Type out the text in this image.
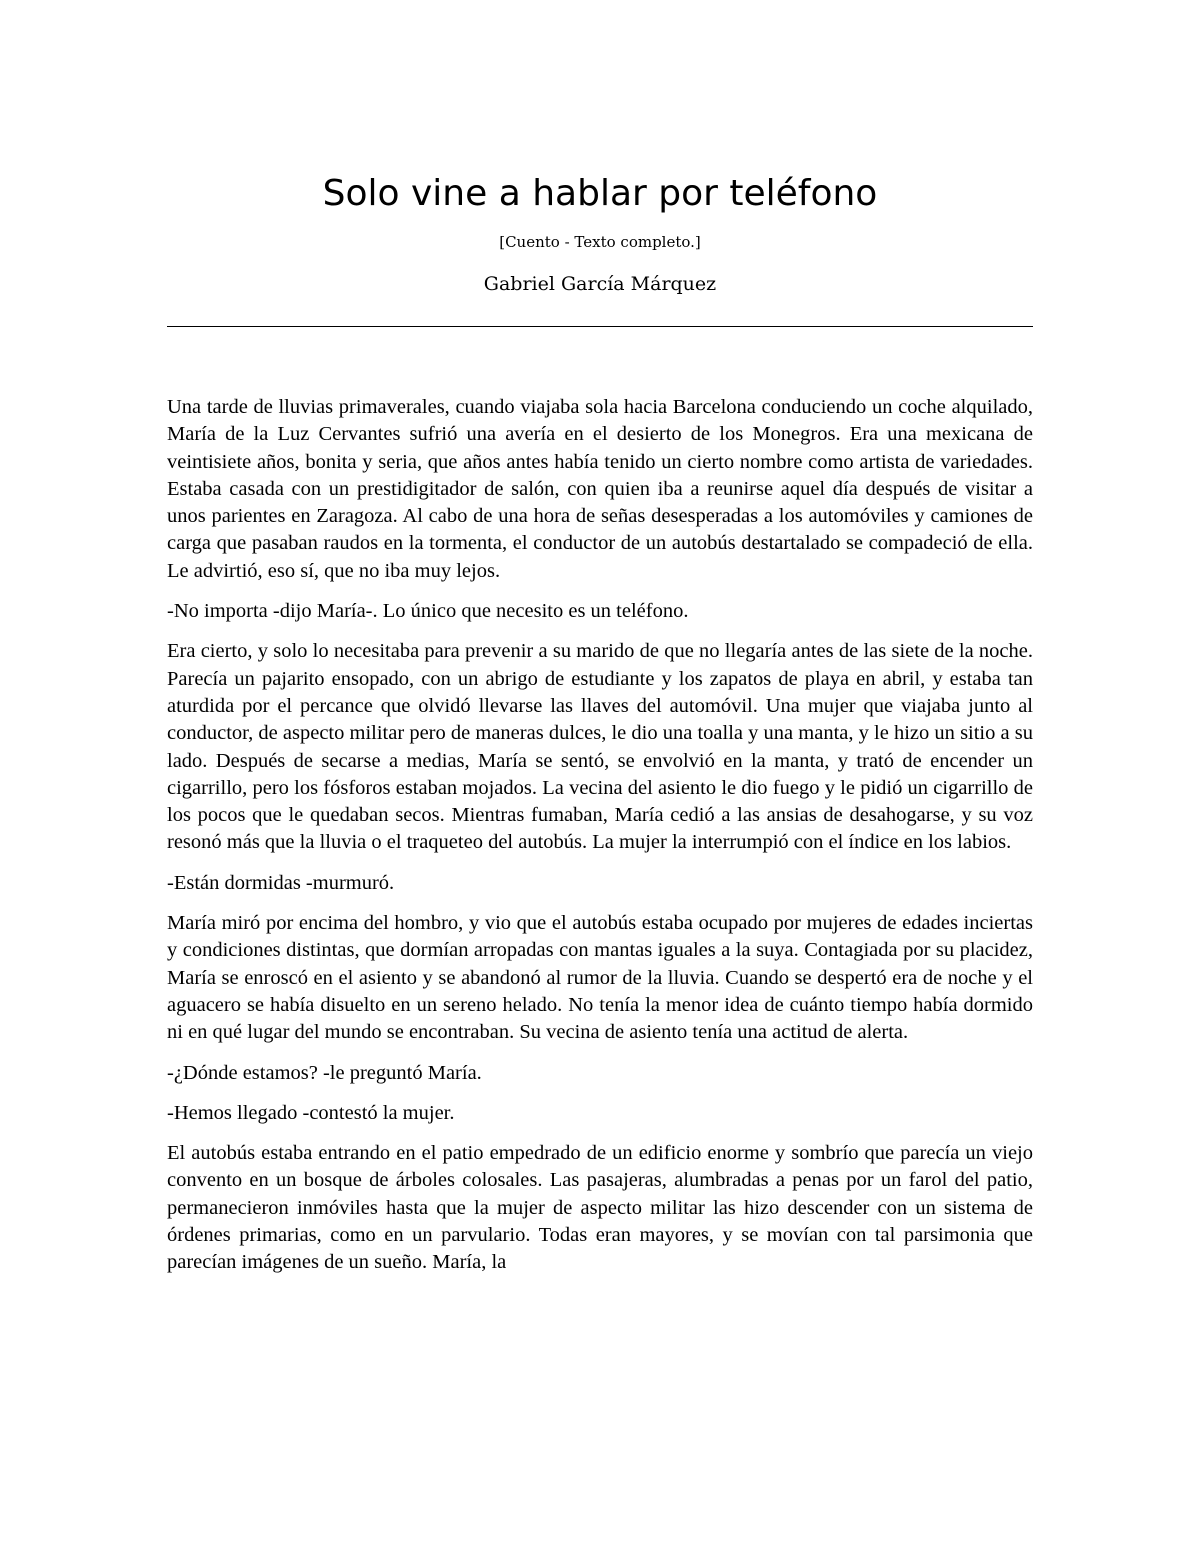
Solo vine a hablar por teléfono

[Cuento - Texto completo.]

Gabriel García Márquez

Una tarde de lluvias primaverales, cuando viajaba sola hacia Barcelona conduciendo un coche alquilado, María de la Luz Cervantes sufrió una avería en el desierto de los Monegros. Era una mexicana de veintisiete años, bonita y seria, que años antes había tenido un cierto nombre como artista de variedades. Estaba casada con un prestidigitador de salón, con quien iba a reunirse aquel día después de visitar a unos parientes en Zaragoza. Al cabo de una hora de señas desesperadas a los automóviles y camiones de carga que pasaban raudos en la tormenta, el conductor de un autobús destartalado se compadeció de ella. Le advirtió, eso sí, que no iba muy lejos.

-No importa -dijo María-. Lo único que necesito es un teléfono.

Era cierto, y solo lo necesitaba para prevenir a su marido de que no llegaría antes de las siete de la noche. Parecía un pajarito ensopado, con un abrigo de estudiante y los zapatos de playa en abril, y estaba tan aturdida por el percance que olvidó llevarse las llaves del automóvil. Una mujer que viajaba junto al conductor, de aspecto militar pero de maneras dulces, le dio una toalla y una manta, y le hizo un sitio a su lado. Después de secarse a medias, María se sentó, se envolvió en la manta, y trató de encender un cigarrillo, pero los fósforos estaban mojados. La vecina del asiento le dio fuego y le pidió un cigarrillo de los pocos que le quedaban secos. Mientras fumaban, María cedió a las ansias de desahogarse, y su voz resonó más que la lluvia o el traqueteo del autobús. La mujer la interrumpió con el índice en los labios.

-Están dormidas -murmuró.

María miró por encima del hombro, y vio que el autobús estaba ocupado por mujeres de edades inciertas y condiciones distintas, que dormían arropadas con mantas iguales a la suya. Contagiada por su placidez, María se enroscó en el asiento y se abandonó al rumor de la lluvia. Cuando se despertó era de noche y el aguacero se había disuelto en un sereno helado. No tenía la menor idea de cuánto tiempo había dormido ni en qué lugar del mundo se encontraban. Su vecina de asiento tenía una actitud de alerta.

-¿Dónde estamos? -le preguntó María.

-Hemos llegado -contestó la mujer.

El autobús estaba entrando en el patio empedrado de un edificio enorme y sombrío que parecía un viejo convento en un bosque de árboles colosales. Las pasajeras, alumbradas a penas por un farol del patio, permanecieron inmóviles hasta que la mujer de aspecto militar las hizo descender con un sistema de órdenes primarias, como en un parvulario. Todas eran mayores, y se movían con tal parsimonia que parecían imágenes de un sueño. María, la
